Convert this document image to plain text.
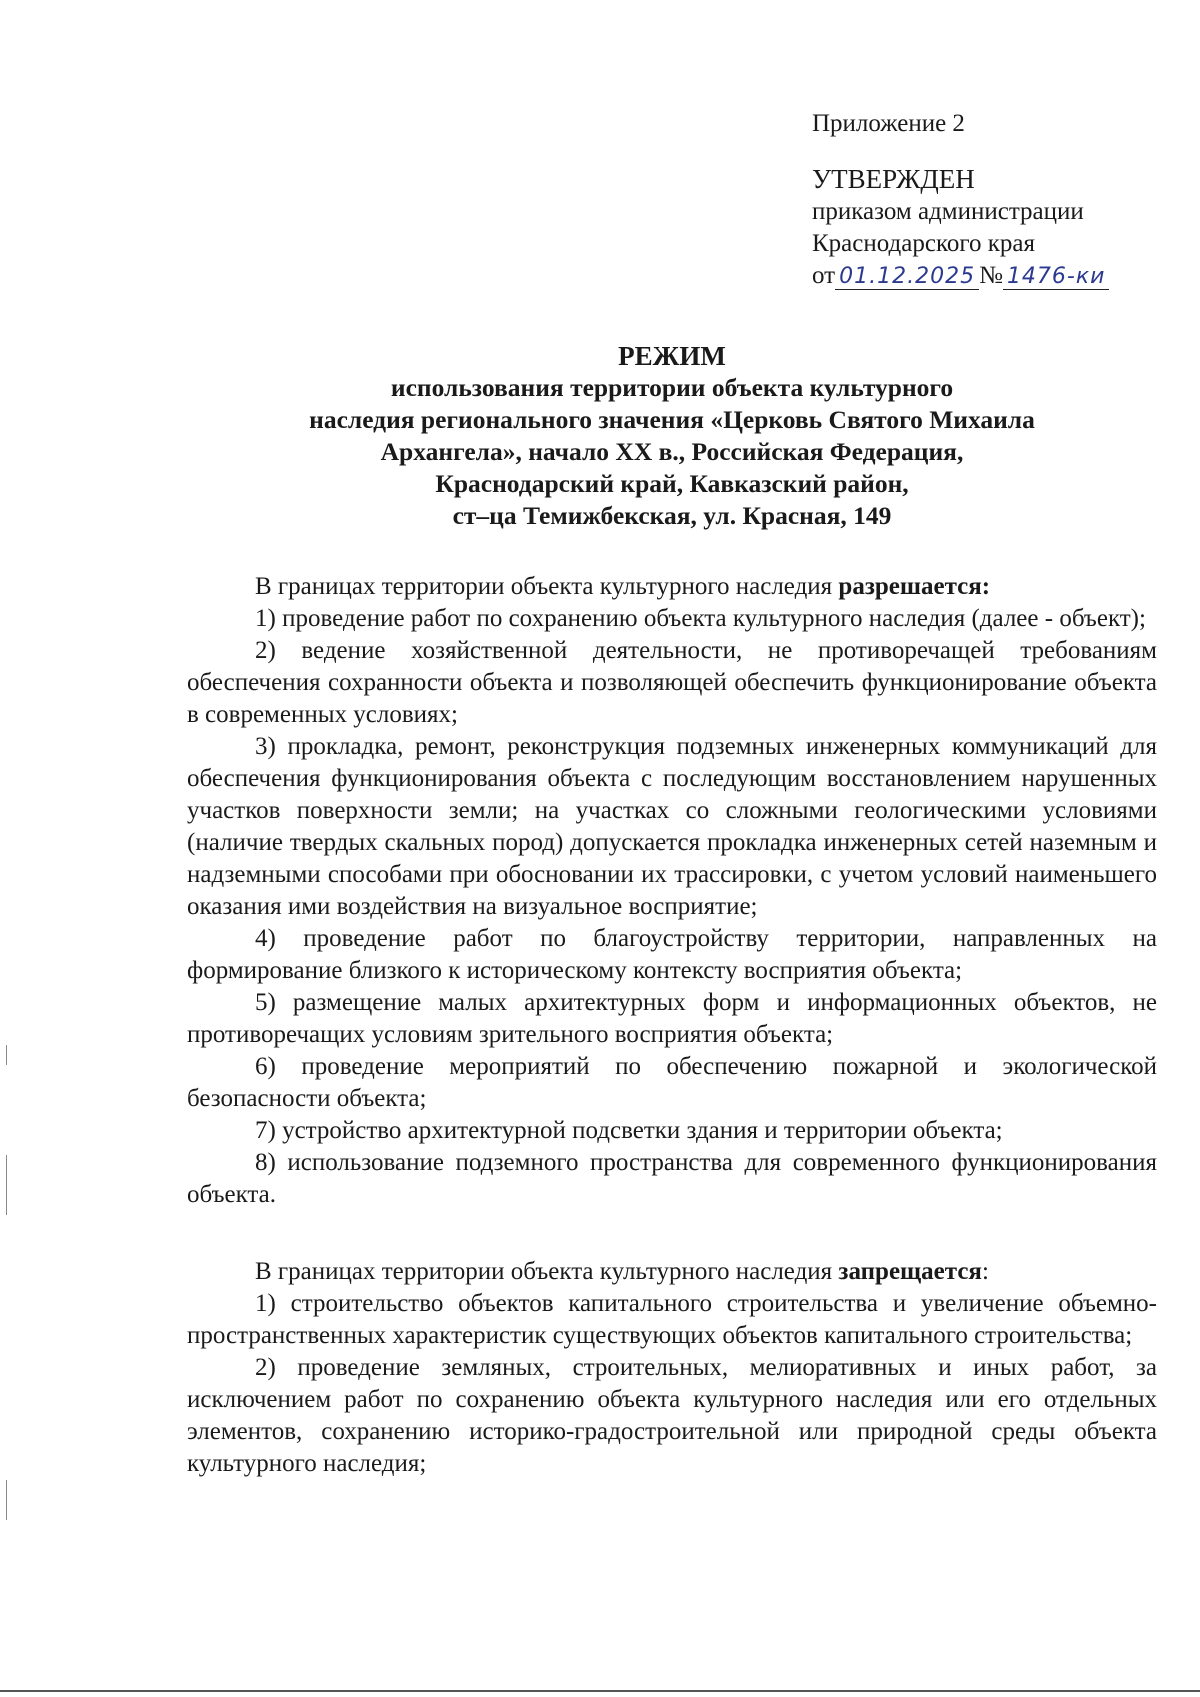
Приложение 2

УТВЕРЖДЕН

приказом администрации

Краснодарского края

от 01.12.2025 № 1476-ки

РЕЖИМ
использования территории объекта культурного
наследия регионального значения «Церковь Святого Михаила
Архангела», начало XX в., Российская Федерация,
Краснодарский край, Кавказский район,
ст–ца Темижбекская, ул. Красная, 149

В границах территории объекта культурного наследия разрешается:

1) проведение работ по сохранению объекта культурного наследия (далее - объект);

2) ведение хозяйственной деятельности, не противоречащей требованиям обеспечения сохранности объекта и позволяющей обеспечить функционирование объекта в современных условиях;

3) прокладка, ремонт, реконструкция подземных инженерных коммуникаций для обеспечения функционирования объекта с последующим восстановлением нарушенных участков поверхности земли; на участках со сложными геологическими условиями (наличие твердых скальных пород) допускается прокладка инженерных сетей наземным и надземными способами при обосновании их трассировки, с учетом условий наименьшего оказания ими воздействия на визуальное восприятие;

4) проведение работ по благоустройству территории, направленных на формирование близкого к историческому контексту восприятия объекта;

5) размещение малых архитектурных форм и информационных объектов, не противоречащих условиям зрительного восприятия объекта;

6) проведение мероприятий по обеспечению пожарной и экологической безопасности объекта;

7) устройство архитектурной подсветки здания и территории объекта;

8) использование подземного пространства для современного функционирования объекта.

В границах территории объекта культурного наследия запрещается:

1) строительство объектов капитального строительства и увеличение объемно-пространственных характеристик существующих объектов капитального строительства;

2) проведение земляных, строительных, мелиоративных и иных работ, за исключением работ по сохранению объекта культурного наследия или его отдельных элементов, сохранению историко-градостроительной или природной среды объекта культурного наследия;
